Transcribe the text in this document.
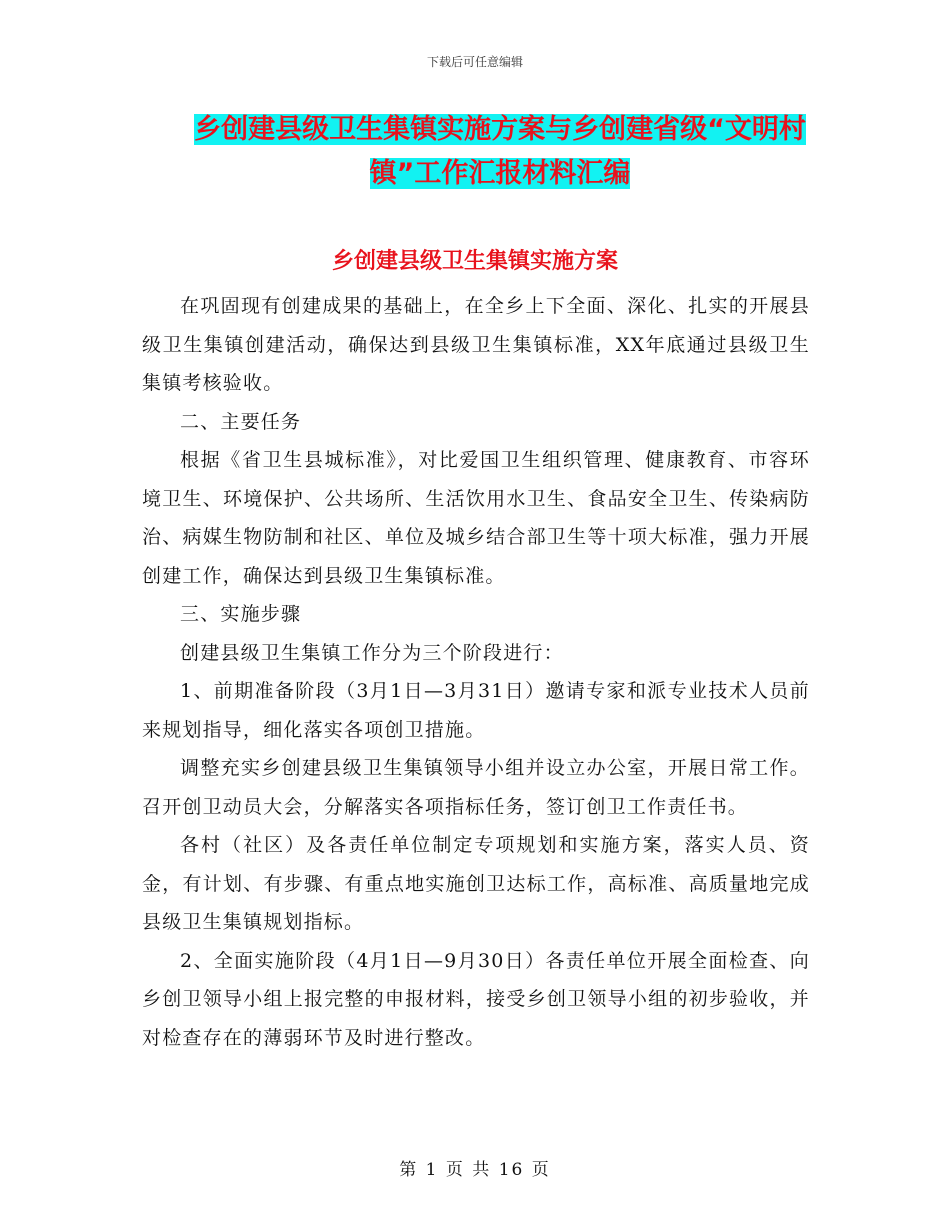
下载后可任意编辑
乡创建县级卫生集镇实施方案与乡创建省级“文明村镇”工作汇报材料汇编
乡创建县级卫生集镇实施方案

在巩固现有创建成果的基础上，在全乡上下全面、深化、扎实的开展县级卫生集镇创建活动，确保达到县级卫生集镇标准，XX年底通过县级卫生集镇考核验收。

二、主要任务

根据《省卫生县城标准》，对比爱国卫生组织管理、健康教育、市容环境卫生、环境保护、公共场所、生活饮用水卫生、食品安全卫生、传染病防治、病媒生物防制和社区、单位及城乡结合部卫生等十项大标准，强力开展创建工作，确保达到县级卫生集镇标准。

三、实施步骤

创建县级卫生集镇工作分为三个阶段进行：

1、前期准备阶段（3月1日—3月31日）邀请专家和派专业技术人员前来规划指导，细化落实各项创卫措施。

调整充实乡创建县级卫生集镇领导小组并设立办公室，开展日常工作。召开创卫动员大会，分解落实各项指标任务，签订创卫工作责任书。

各村（社区）及各责任单位制定专项规划和实施方案，落实人员、资金，有计划、有步骤、有重点地实施创卫达标工作，高标准、高质量地完成县级卫生集镇规划指标。

2、全面实施阶段（4月1日—9月30日）各责任单位开展全面检查、向乡创卫领导小组上报完整的申报材料，接受乡创卫领导小组的初步验收，并对检查存在的薄弱环节及时进行整改。

第 1 页 共 16 页
